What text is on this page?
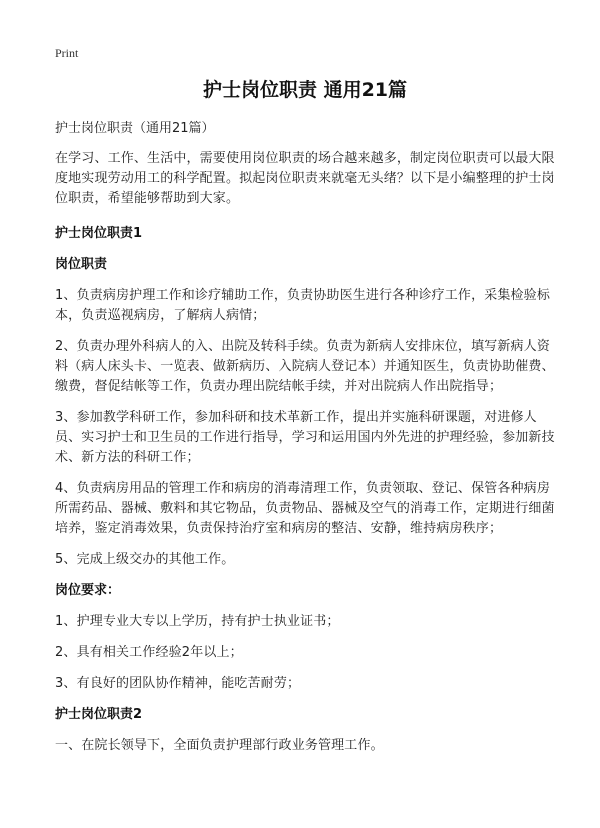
Print
护士岗位职责 通用21篇
护士岗位职责（通用21篇）

在学习、工作、生活中，需要使用岗位职责的场合越来越多，制定岗位职责可以最大限度地实现劳动用工的科学配置。拟起岗位职责来就毫无头绪？以下是小编整理的护士岗位职责，希望能够帮助到大家。

护士岗位职责1

岗位职责

1、负责病房护理工作和诊疗辅助工作，负责协助医生进行各种诊疗工作，采集检验标本，负责巡视病房，了解病人病情；

2、负责办理外科病人的入、出院及转科手续。负责为新病人安排床位，填写新病人资料（病人床头卡、一览表、做新病历、入院病人登记本）并通知医生，负责协助催费、缴费，督促结帐等工作，负责办理出院结帐手续，并对出院病人作出院指导；

3、参加教学科研工作，参加科研和技术革新工作，提出并实施科研课题，对进修人员、实习护士和卫生员的工作进行指导，学习和运用国内外先进的护理经验，参加新技术、新方法的科研工作；

4、负责病房用品的管理工作和病房的消毒清理工作，负责领取、登记、保管各种病房所需药品、器械、敷料和其它物品，负责物品、器械及空气的消毒工作，定期进行细菌培养，鉴定消毒效果，负责保持治疗室和病房的整洁、安静，维持病房秩序；

5、完成上级交办的其他工作。

岗位要求：

1、护理专业大专以上学历，持有护士执业证书；

2、具有相关工作经验2年以上；

3、有良好的团队协作精神，能吃苦耐劳；

护士岗位职责2

一、在院长领导下，全面负责护理部行政业务管理工作。
